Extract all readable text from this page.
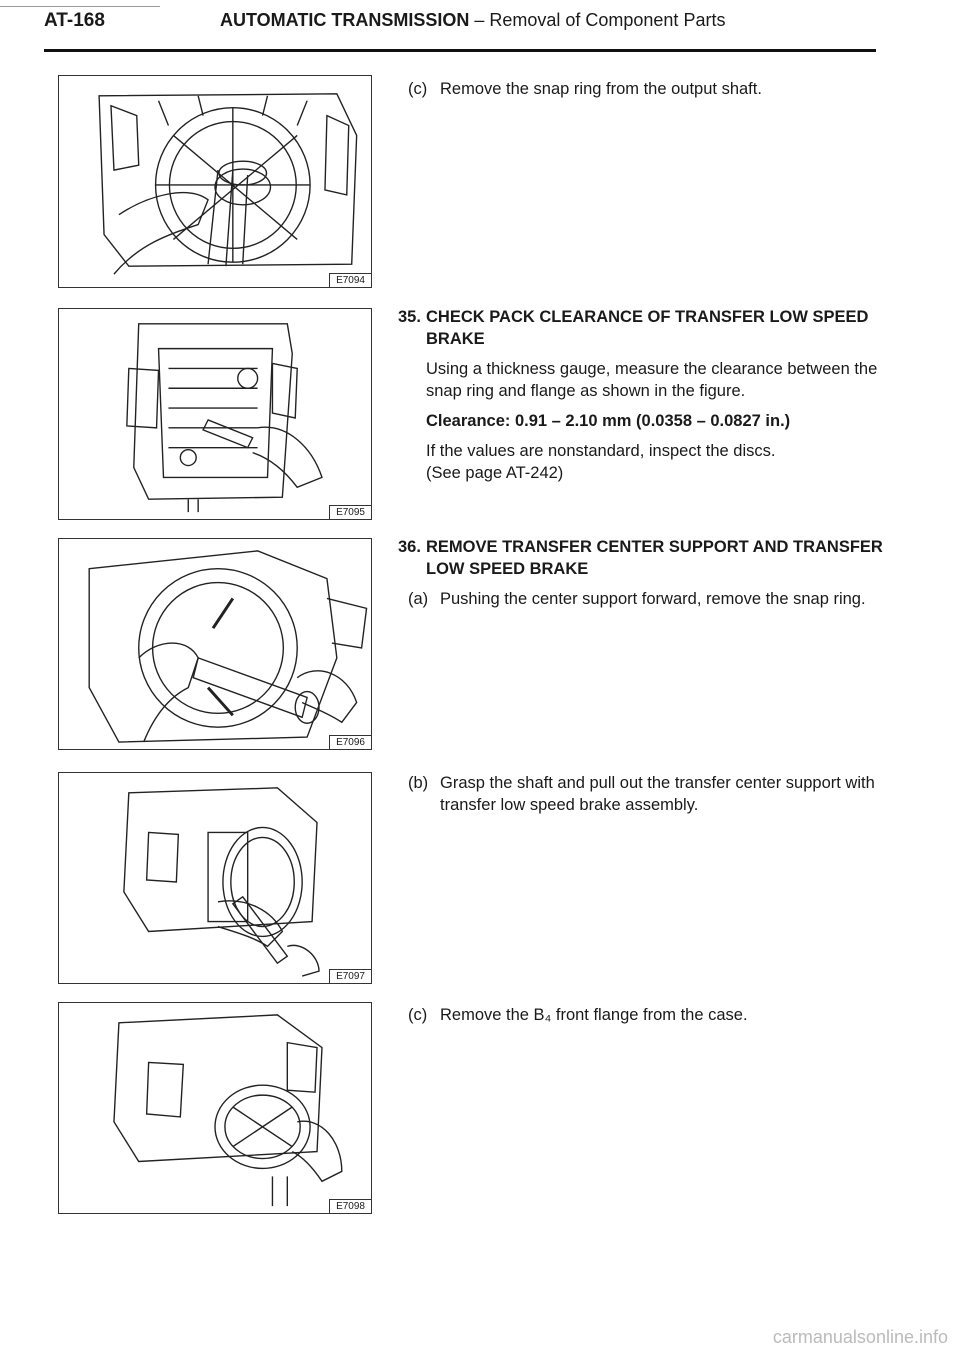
AT-168	AUTOMATIC TRANSMISSION – Removal of Component Parts
E7094
E7095
E7096
E7097
E7098
(c) Remove the snap ring from the output shaft.
35. CHECK PACK CLEARANCE OF TRANSFER LOW SPEED BRAKE
Using a thickness gauge, measure the clearance between the snap ring and flange as shown in the figure.
Clearance: 0.91 – 2.10 mm (0.0358 – 0.0827 in.)
If the values are nonstandard, inspect the discs.
(See page AT-242)
36. REMOVE TRANSFER CENTER SUPPORT AND TRANSFER LOW SPEED BRAKE
(a) Pushing the center support forward, remove the snap ring.
(b) Grasp the shaft and pull out the transfer center support with transfer low speed brake assembly.
(c) Remove the B₄ front flange from the case.
carmanualsonline.info
